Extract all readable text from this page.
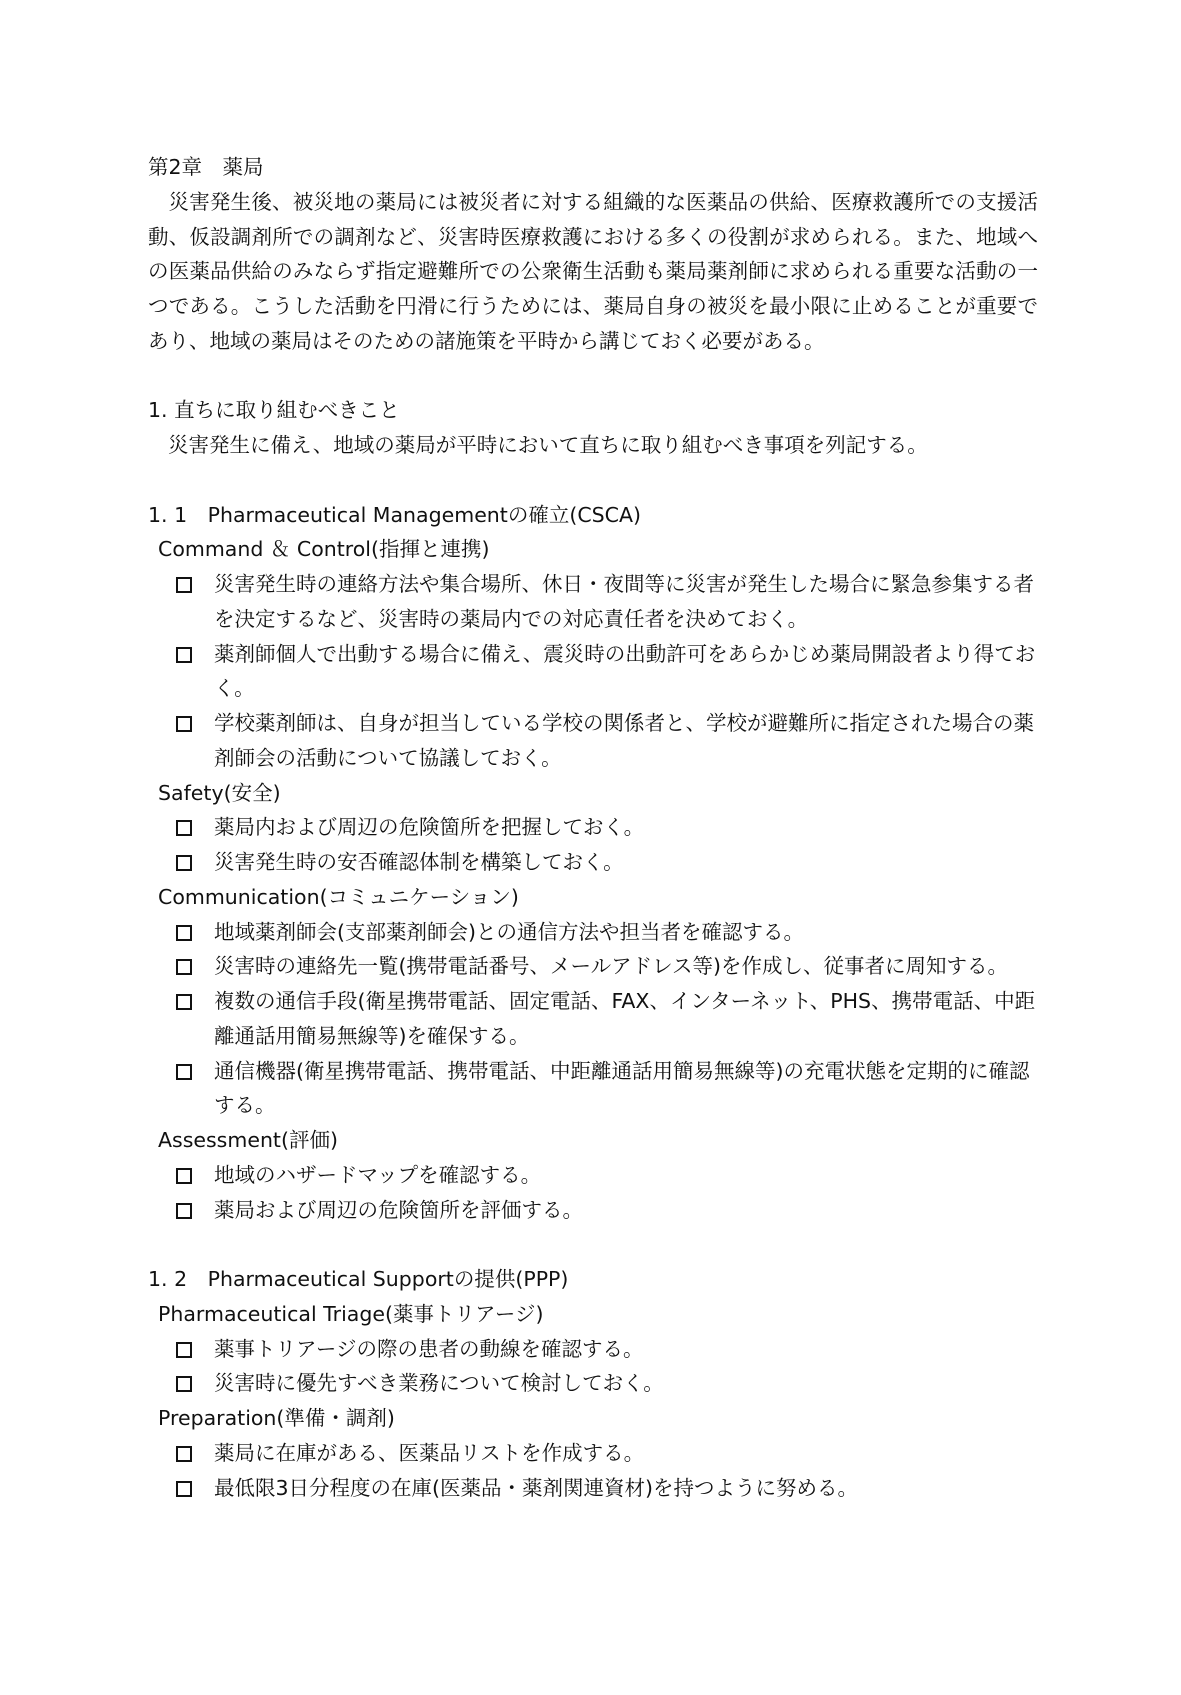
第2章　薬局
災害発生後、被災地の薬局には被災者に対する組織的な医薬品の供給、医療救護所での支援活動、仮設調剤所での調剤など、災害時医療救護における多くの役割が求められる。また、地域への医薬品供給のみならず指定避難所での公衆衛生活動も薬局薬剤師に求められる重要な活動の一つである。こうした活動を円滑に行うためには、薬局自身の被災を最小限に止めることが重要であり、地域の薬局はそのための諸施策を平時から講じておく必要がある。
1. 直ちに取り組むべきこと
災害発生に備え、地域の薬局が平時において直ちに取り組むべき事項を列記する。
1. 1　Pharmaceutical Managementの確立(CSCA)
Command ＆ Control(指揮と連携)
災害発生時の連絡方法や集合場所、休日・夜間等に災害が発生した場合に緊急参集する者を決定するなど、災害時の薬局内での対応責任者を決めておく。
薬剤師個人で出動する場合に備え、震災時の出動許可をあらかじめ薬局開設者より得ておく。
学校薬剤師は、自身が担当している学校の関係者と、学校が避難所に指定された場合の薬剤師会の活動について協議しておく。
Safety(安全)
薬局内および周辺の危険箇所を把握しておく。
災害発生時の安否確認体制を構築しておく。
Communication(コミュニケーション)
地域薬剤師会(支部薬剤師会)との通信方法や担当者を確認する。
災害時の連絡先一覧(携帯電話番号、メールアドレス等)を作成し、従事者に周知する。
複数の通信手段(衛星携帯電話、固定電話、FAX、インターネット、PHS、携帯電話、中距離通話用簡易無線等)を確保する。
通信機器(衛星携帯電話、携帯電話、中距離通話用簡易無線等)の充電状態を定期的に確認する。
Assessment(評価)
地域のハザードマップを確認する。
薬局および周辺の危険箇所を評価する。
1. 2　Pharmaceutical Supportの提供(PPP)
Pharmaceutical Triage(薬事トリアージ)
薬事トリアージの際の患者の動線を確認する。
災害時に優先すべき業務について検討しておく。
Preparation(準備・調剤)
薬局に在庫がある、医薬品リストを作成する。
最低限3日分程度の在庫(医薬品・薬剤関連資材)を持つように努める。
